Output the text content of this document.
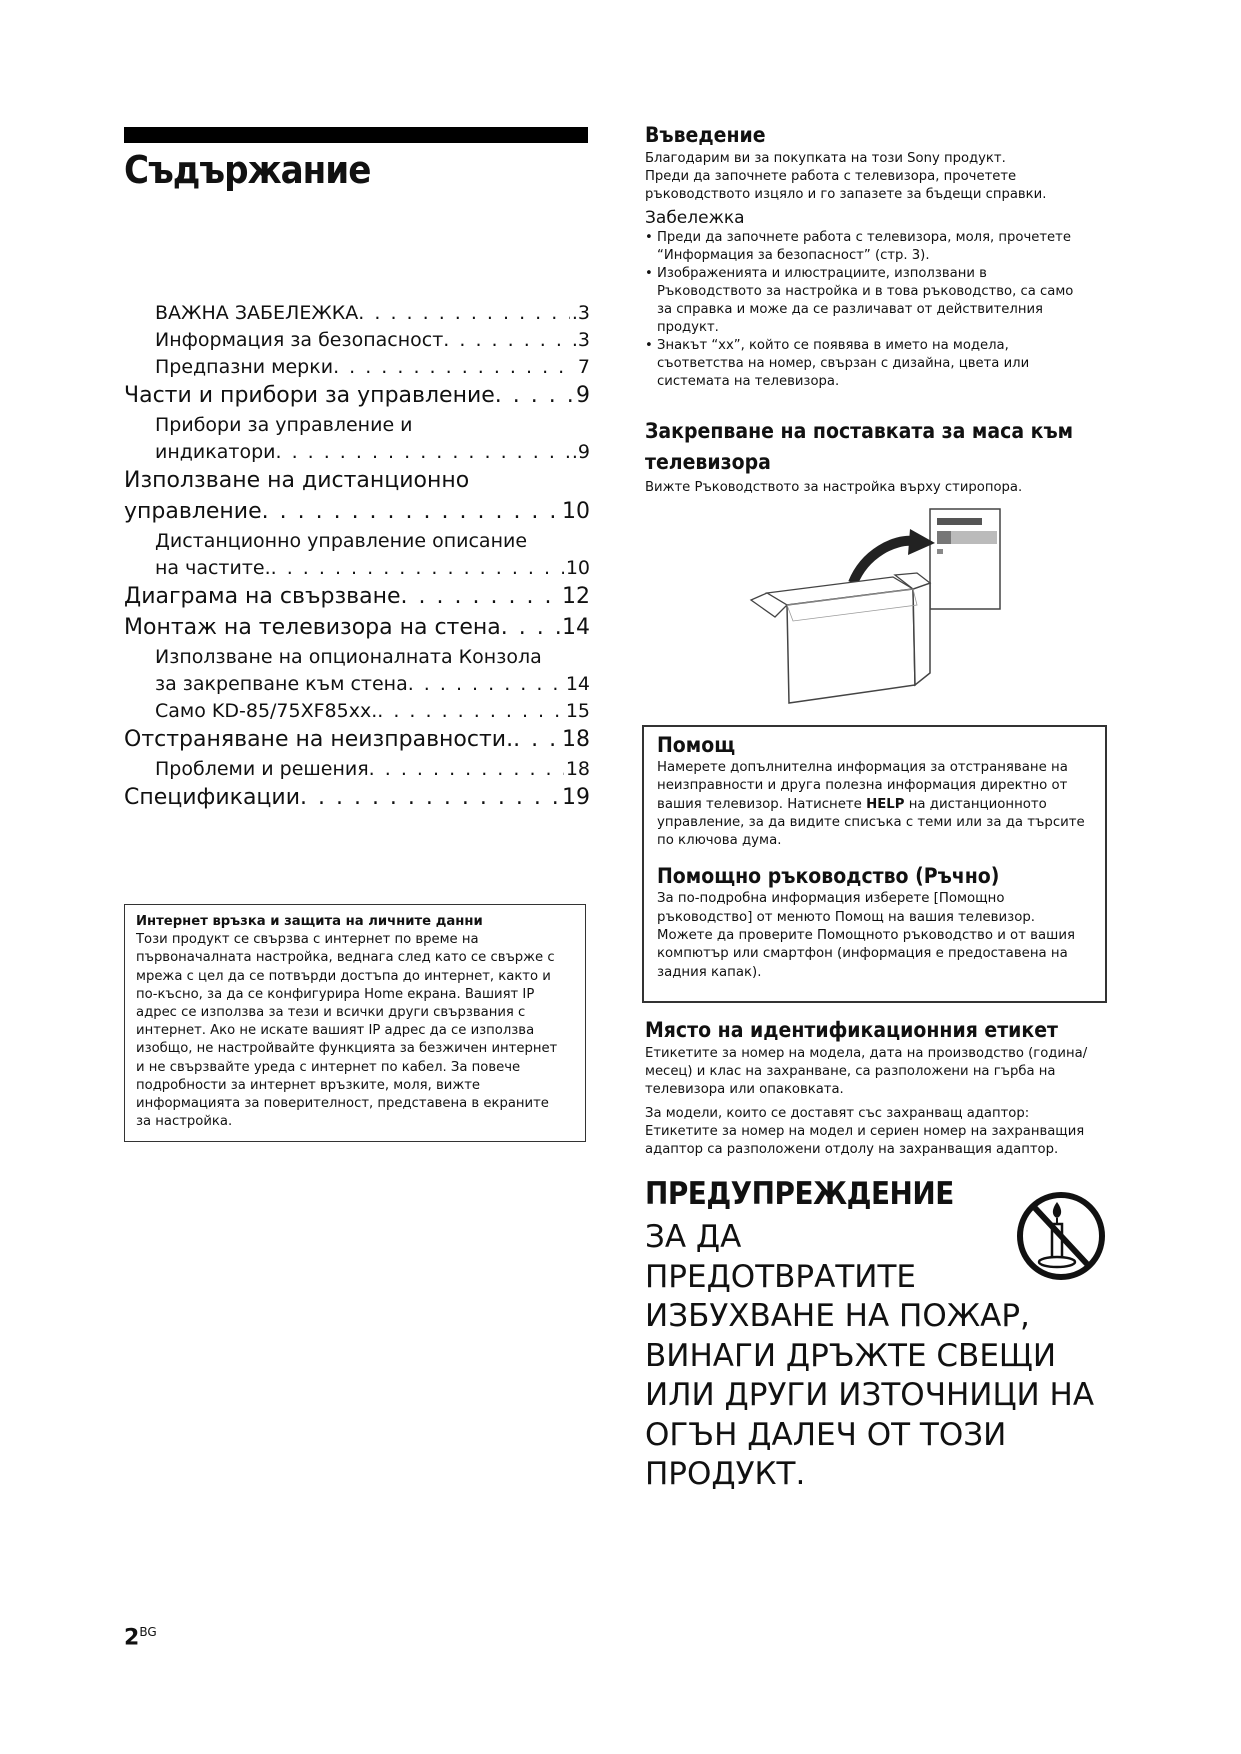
Съдържание
ВАЖНА ЗАБЕЛЕЖКА . . .	.3
Информация за безопасност . . .	.3
Предпазни мерки . . .	7
Части и прибори за управление . . .	9
Прибори за управление и
индикатори . . .	.9
Използване на дистанционно
управление . . .	10
Дистанционно управление описание
на частите. . . .	10
Диаграма на свързване . . .	12
Монтаж на телевизора на стена . . .	14
Използване на опционалната Конзола
за закрепване към стена . . .	14
Само KD-85/75XF85xx. . . .	15
Отстраняване на неизправности. . . . 18
Проблеми и решения . . .	18
Спецификации . . .	19
Интернет връзка и защита на личните данни
Този продукт се свързва с интернет по време на
първоначалната настройка, веднага след като се свърже с
мрежа с цел да се потвърди достъпа до интернет, както и
по-късно, за да се конфигурира Home екрана. Вашият IP
адрес се използва за тези и всички други свързвания с
интернет. Ако не искате вашият IP адрес да се използва
изобщо, не настройвайте функцията за безжичен интернет
и не свързвайте уреда с интернет по кабел. За повече
подробности за интернет връзките, моля, вижте
информацията за поверителност, представена в екраните
за настройка.
Въведение
Благодарим ви за покупката на този Sony продукт.
Преди да започнете работа с телевизора, прочетете
ръководството изцяло и го запазете за бъдещи справки.
Забележка
• Преди да започнете работа с телевизора, моля, прочетете
“Информация за безопасност” (стр. 3).
• Изображенията и илюстрациите, използвани в
Ръководството за настройка и в това ръководство, са само
за справка и може да се различават от действителния
продукт.
• Знакът “xx”, който се появява в името на модела,
съответства на номер, свързан с дизайна, цвета или
системата на телевизора.
Закрепване на поставката за маса към
телевизора
Вижте Ръководството за настройка върху стиропора.
Помощ
Намерете допълнителна информация за отстраняване на
неизправности и друга полезна информация директно от
вашия телевизор. Натиснете HELP на дистанционното
управление, за да видите списъка с теми или за да търсите
по ключова дума.
Помощно ръководство (Ръчно)
За по-подробна информация изберете [Помощно
ръководство] от менюто Помощ на вашия телевизор.
Можете да проверите Помощното ръководство и от вашия
компютър или смартфон (информация е предоставена на
задния капак).
Място на идентификационния етикет
Етикетите за номер на модела, дата на производство (година/
месец) и клас на захранване, са разположени на гърба на
телевизора или опаковката.
За модели, които се доставят със захранващ адаптор:
Етикетите за номер на модел и сериен номер на захранващия
адаптор са разположени отдолу на захранващия адаптор.
ПРЕДУПРЕЖДЕНИЕ
ЗА ДА
ПРЕДОТВРАТИТЕ
ИЗБУХВАНЕ НА ПОЖАР,
ВИНАГИ ДРЪЖТЕ СВЕЩИ
ИЛИ ДРУГИ ИЗТОЧНИЦИ НА
ОГЪН ДАЛЕЧ ОТ ТОЗИ
ПРОДУКТ.
$2^{BG}$
